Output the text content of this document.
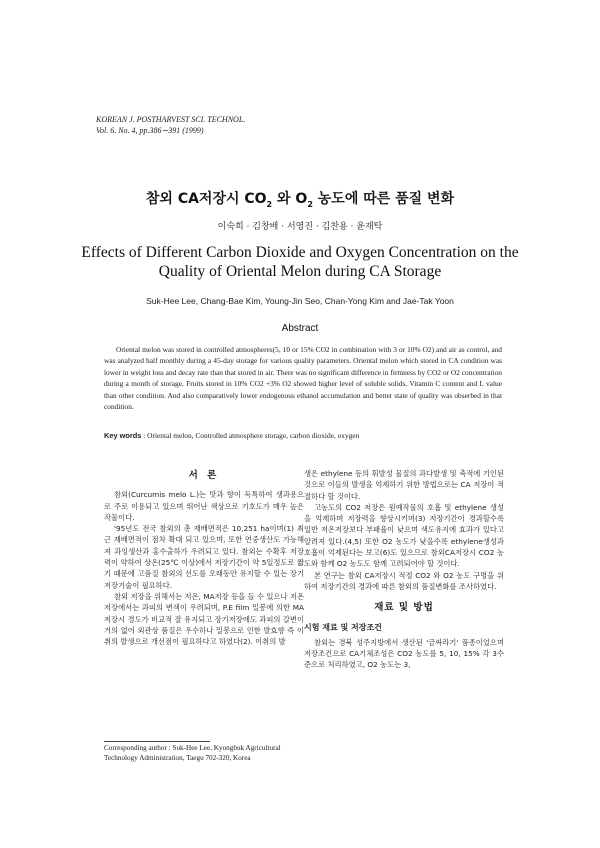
KOREAN J. POSTHARVEST SCI. TECHNOL.
Vol. 6. No. 4, pp.386∼391 (1999)
참외 CA저장시 $CO_2$ 와 $O_2$ 농도에 따른 품질 변화
이숙희 · 김창배 · 서영진 · 김찬용 · 윤재탁
Effects of Different Carbon Dioxide and Oxygen Concentration on the Quality of Oriental Melon during CA Storage
Suk-Hee Lee, Chang-Bae Kim, Young-Jin Seo, Chan-Yong Kim and Jae-Tak Yoon
Abstract

Oriental melon was stored in controlled atmospheres(5, 10 or 15% CO2 in combination with 3 or 10% O2) and air as control, and was analyzed half monthly during a 45-day storage for various quality parameters. Oriental melon which stored in CA condition was lower in weight loss and decay rate than that stored in air. There was no significant difference in firmness by CO2 or O2 concentration during a month of storage. Fruits stored in 10% CO2 +3% O2 showed higher level of soluble solids, Vitamin C content and L value than other condition. And also comparatively lower endogenous ethanol accumulation and better state of quality was obserbed in that condition.

Key words : Oriental melon, Controlled atmosphere storage, carbon dioxide, oxygen
서 론

참외(Curcumis melo L.)는 맛과 향이 독특하여 생과용으로 주로 이용되고 있으며 뛰어난 색상으로 기호도가 매우 높은 작물이다.

'95년도 전국 참외의 총 재배면적은 10,251 ha이며(1) 최근 재배면적이 점차 확대 되고 있으며, 또한 연중생산도 가능해져 과잉생산과 홍수출하가 우려되고 있다. 참외는 수확후 저장력이 약하여 상온(25℃ 이상)에서 저장기간이 약 5일정도로 짧기 때문에 고품질 참외의 선도를 오래동안 유지할 수 있는 장기저장기술이 필요하다.

참외 저장을 위해서는 저온, MA저장 등을 들 수 있으나 저온저장에서는 과피의 변색이 우려되며, P.E film 밀봉에 의한 MA 저장시 경도가 비교적 잘 유지되고 장기저장에도 과피의 갈변이 거의 없어 외관상 품질은 우수하나 밀봉으로 인한 발효향 즉 이취의 발생으로 개선점이 필요하다고 하였다(2). 이취의 발

생은 ethylene 등의 휘발성 물질의 과다발생 및 축적에 기인된 것으로 이들의 발생을 억제하기 위한 방법으로는 CA 저장이 적절하다 할 것이다.

고농도의 CO2 저장은 원예작물의 호흡 및 ethylene 생성을 억제하며 저장력을 향상시키며(3) 저장기간이 경과할수록 일반 저온저장보다 부패율이 낮으며 색도유지에 효과가 있다고 알려져 있다.(4,5) 또한 O2 농도가 낮을수록 ethylene생성과 호흡이 억제된다는 보고(6)도 있으므로 참외CA저장시 CO2 농도와 함께 O2 농도도 함께 고려되어야 할 것이다.

본 연구는 참외 CA저장시 적정 CO2 와 O2 농도 구명을 위하여 저장기간의 경과에 따른 참외의 품질변화를 조사하였다.

재료 및 방법
시험 재료 및 저장조건

참외는 경북 성주지방에서 생산된 '금싸라기' 품종이었으며 저장조건으로 CA기체조성은 CO2 농도를 5, 10, 15% 각 3수준으로 처리하였고, O2 농도는 3,

Corresponding author : Suk-Hee Lee, Kyongbuk Agricultural Technology Administration, Taegu 702-320, Korea
